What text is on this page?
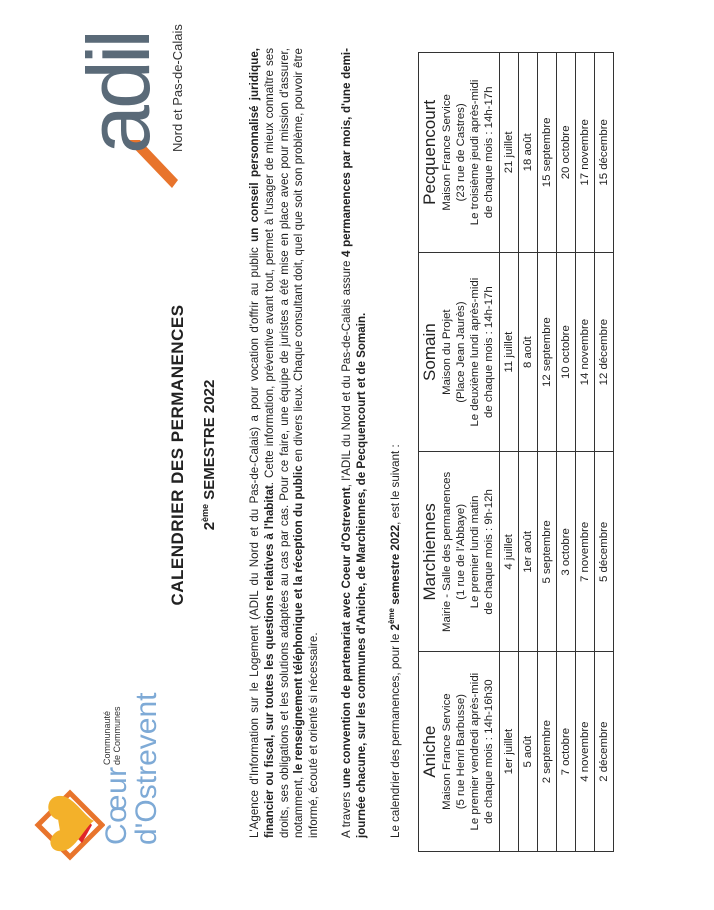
Cœur
Communauté
de Communes d'Ostrevent
adil Nord et Pas-de-Calais
CALENDRIER DES PERMANENCES 2ème SEMESTRE 2022	L'Agence d'Information sur le Logement (ADIL du Nord et du Pas-de-Calais) a pour vocation d'offrir au public un conseil personnalisé juridique, financier ou fiscal, sur toutes les questions relatives à l'habitat. Cette information, préventive avant tout, permet à l'usager de mieux connaître ses droits, ses obligations et les solutions adaptées au cas par cas. Pour ce faire, une équipe de juristes a été mise en place avec pour mission d'assurer, notamment, le renseignement téléphonique et la réception du public en divers lieux. Chaque consultant doit, quel que soit son problème, pouvoir être informé, écouté et orienté si nécessaire. A travers une convention de partenariat avec Coeur d'Ostrevent, l'ADIL du Nord et du Pas-de-Calais assure 4 permanences par mois, d'une demi-journée chacune, sur les communes d'Aniche, de Marchiennes, de Pecquencourt et de Somain.	Le calendrier des permanences, pour le 2ème semestre 2022, est le suivant :
Aniche Maison France Service (5 rue Henri Barbusse) Le premier vendredi après-midi de chaque mois : 14h-16h30	Marchiennes Mairie - Salle des permanences (1 rue de l'Abbaye) Le premier lundi matin de chaque mois : 9h-12h	Somain Maison du Projet (Place Jean Jaurès) Le deuxième lundi après-midi de chaque mois : 14h-17h	Pecquencourt Maison France Service (23 rue de Castres) Le troisième jeudi après-midi de chaque mois : 14h-17h
1er juillet	4 juillet	11 juillet	21 juillet
5 août	1er août	8 août	18 août
2 septembre	5 septembre	12 septembre	15 septembre
7 octobre	3 octobre	10 octobre	20 octobre
4 novembre	7 novembre	14 novembre	17 novembre
2 décembre	5 décembre	12 décembre	15 décembre
